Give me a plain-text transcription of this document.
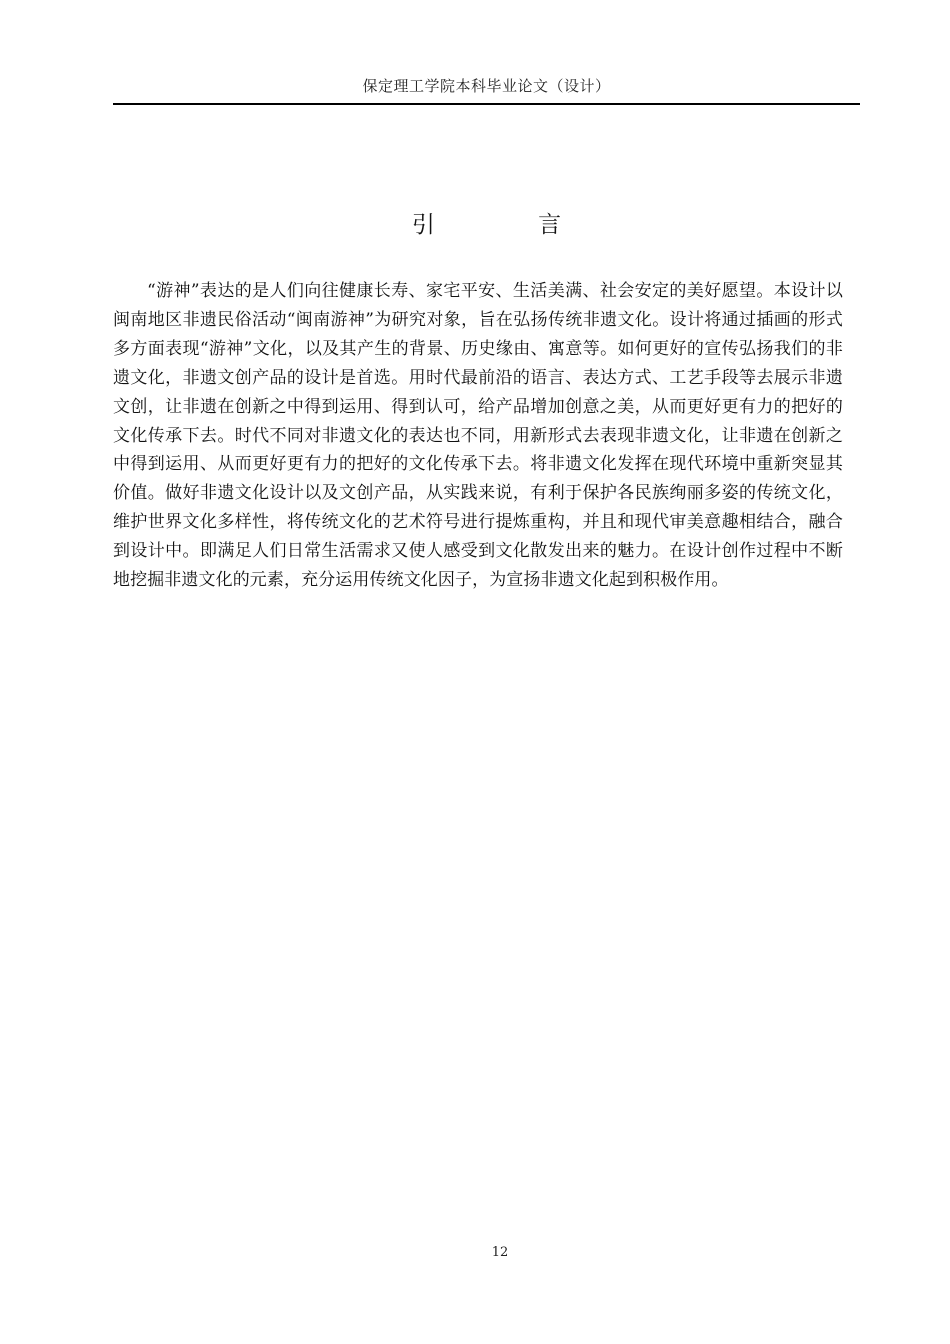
保定理工学院本科毕业论文（设计）
引 言

“游神”表达的是人们向往健康长寿、家宅平安、生活美满、社会安定的美好愿望。本设计以闽南地区非遗民俗活动“闽南游神”为研究对象，旨在弘扬传统非遗文化。设计将通过插画的形式多方面表现“游神”文化，以及其产生的背景、历史缘由、寓意等。如何更好的宣传弘扬我们的非遗文化，非遗文创产品的设计是首选。用时代最前沿的语言、表达方式、工艺手段等去展示非遗文创，让非遗在创新之中得到运用、得到认可，给产品增加创意之美，从而更好更有力的把好的文化传承下去。时代不同对非遗文化的表达也不同，用新形式去表现非遗文化，让非遗在创新之中得到运用、从而更好更有力的把好的文化传承下去。将非遗文化发挥在现代环境中重新突显其价值。做好非遗文化设计以及文创产品，从实践来说，有利于保护各民族绚丽多姿的传统文化，维护世界文化多样性，将传统文化的艺术符号进行提炼重构，并且和现代审美意趣相结合，融合到设计中。即满足人们日常生活需求又使人感受到文化散发出来的魅力。在设计创作过程中不断地挖掘非遗文化的元素，充分运用传统文化因子，为宣扬非遗文化起到积极作用。

12
